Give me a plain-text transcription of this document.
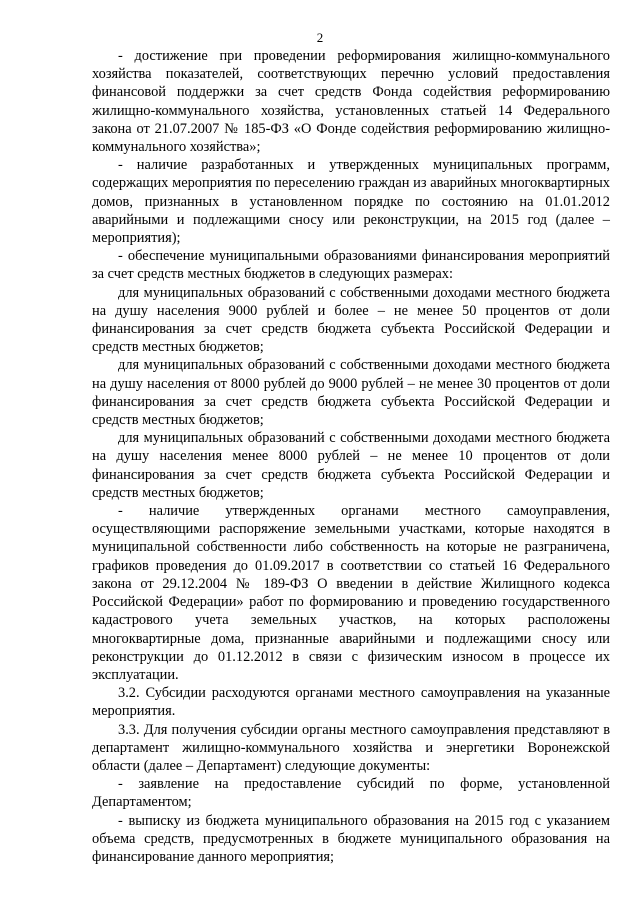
2

- достижение при проведении реформирования жилищно-коммунального хозяйства показателей, соответствующих перечню условий предоставления финансовой поддержки за счет средств Фонда содействия реформированию жилищно-коммунального хозяйства, установленных статьей 14 Федерального закона от 21.07.2007 № 185-ФЗ «О Фонде содействия реформированию жилищно-коммунального хозяйства»;

- наличие разработанных и утвержденных муниципальных программ, содержащих мероприятия по переселению граждан из аварийных многоквартирных домов, признанных в установленном порядке по состоянию на 01.01.2012 аварийными и подлежащими сносу или реконструкции, на 2015 год (далее – мероприятия);

- обеспечение муниципальными образованиями финансирования мероприятий за счет средств местных бюджетов в следующих размерах:

для муниципальных образований с собственными доходами местного бюджета на душу населения 9000 рублей и более – не менее 50 процентов от доли финансирования за счет средств бюджета субъекта Российской Федерации и средств местных бюджетов;

для муниципальных образований с собственными доходами местного бюджета на душу населения от 8000 рублей до 9000 рублей – не менее 30 процентов от доли финансирования за счет средств бюджета субъекта Российской Федерации и средств местных бюджетов;

для муниципальных образований с собственными доходами местного бюджета на душу населения менее 8000 рублей – не менее 10 процентов от доли финансирования за счет средств бюджета субъекта Российской Федерации и средств местных бюджетов;

- наличие утвержденных органами местного самоуправления, осуществляющими распоряжение земельными участками, которые находятся в муниципальной собственности либо собственность на которые не разграничена, графиков проведения до 01.09.2017 в соответствии со статьей 16 Федерального закона от 29.12.2004 № 189-ФЗ О введении в действие Жилищного кодекса Российской Федерации» работ по формированию и проведению государственного кадастрового учета земельных участков, на которых расположены многоквартирные дома, признанные аварийными и подлежащими сносу или реконструкции до 01.12.2012 в связи с физическим износом в процессе их эксплуатации.

3.2. Субсидии расходуются органами местного самоуправления на указанные мероприятия.

3.3. Для получения субсидии органы местного самоуправления представляют в департамент жилищно-коммунального хозяйства и энергетики Воронежской области (далее – Департамент) следующие документы:

- заявление на предоставление субсидий по форме, установленной Департаментом;

- выписку из бюджета муниципального образования на 2015 год с указанием объема средств, предусмотренных в бюджете муниципального образования на финансирование данного мероприятия;
